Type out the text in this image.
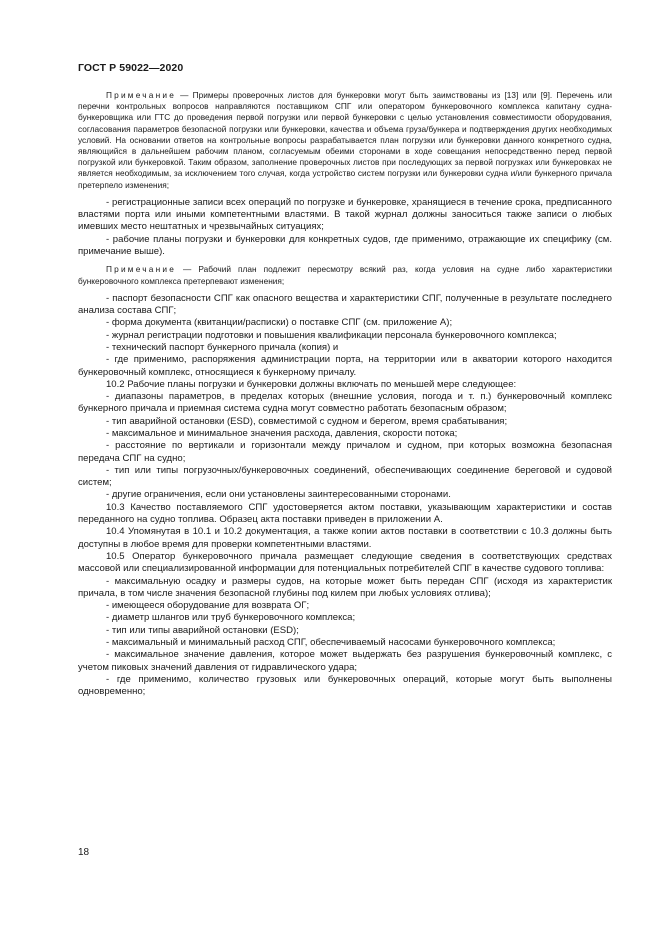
ГОСТ Р 59022—2020

Примечание — Примеры проверочных листов для бункеровки могут быть заимствованы из [13] или [9]. Перечень или перечни контрольных вопросов направляются поставщиком СПГ или оператором бункеровочного комплекса капитану судна-бункеровщика или ГТС до проведения первой погрузки или первой бункеровки с целью установления совместимости оборудования, согласования параметров безопасной погрузки или бункеровки, качества и объема груза/бункера и подтверждения других необходимых условий. На основании ответов на контрольные вопросы разрабатывается план погрузки или бункеровки данного конкретного судна, являющийся в дальнейшем рабочим планом, согласуемым обеими сторонами в ходе совещания непосредственно перед первой погрузкой или бункеровкой. Таким образом, заполнение проверочных листов при последующих за первой погрузках или бункеровках не является необходимым, за исключением того случая, когда устройство систем погрузки или бункеровки судна и/или бункерного причала претерпело изменения;

- регистрационные записи всех операций по погрузке и бункеровке, хранящиеся в течение срока, предписанного властями порта или иными компетентными властями. В такой журнал должны заноситься также записи о любых имевших место нештатных и чрезвычайных ситуациях;

- рабочие планы погрузки и бункеровки для конкретных судов, где применимо, отражающие их специфику (см. примечание выше).

Примечание — Рабочий план подлежит пересмотру всякий раз, когда условия на судне либо характеристики бункеровочного комплекса претерпевают изменения;

- паспорт безопасности СПГ как опасного вещества и характеристики СПГ, полученные в результате последнего анализа состава СПГ;

- форма документа (квитанции/расписки) о поставке СПГ (см. приложение А);

- журнал регистрации подготовки и повышения квалификации персонала бункеровочного комплекса;

- технический паспорт бункерного причала (копия) и

- где применимо, распоряжения администрации порта, на территории или в акватории которого находится бункеровочный комплекс, относящиеся к бункерному причалу.

10.2 Рабочие планы погрузки и бункеровки должны включать по меньшей мере следующее:

- диапазоны параметров, в пределах которых (внешние условия, погода и т. п.) бункеровочный комплекс бункерного причала и приемная система судна могут совместно работать безопасным образом;

- тип аварийной остановки (ESD), совместимой с судном и берегом, время срабатывания;

- максимальное и минимальное значения расхода, давления, скорости потока;

- расстояние по вертикали и горизонтали между причалом и судном, при которых возможна безопасная передача СПГ на судно;

- тип или типы погрузочных/бункеровочных соединений, обеспечивающих соединение береговой и судовой систем;

- другие ограничения, если они установлены заинтересованными сторонами.

10.3 Качество поставляемого СПГ удостоверяется актом поставки, указывающим характеристики и состав переданного на судно топлива. Образец акта поставки приведен в приложении А.

10.4 Упомянутая в 10.1 и 10.2 документация, а также копии актов поставки в соответствии с 10.3 должны быть доступны в любое время для проверки компетентными властями.

10.5 Оператор бункеровочного причала размещает следующие сведения в соответствующих средствах массовой или специализированной информации для потенциальных потребителей СПГ в качестве судового топлива:

- максимальную осадку и размеры судов, на которые может быть передан СПГ (исходя из характеристик причала, в том числе значения безопасной глубины под килем при любых условиях отлива);

- имеющееся оборудование для возврата ОГ;

- диаметр шлангов или труб бункеровочного комплекса;

- тип или типы аварийной остановки (ESD);

- максимальный и минимальный расход СПГ, обеспечиваемый насосами бункеровочного комплекса;

- максимальное значение давления, которое может выдержать без разрушения бункеровочный комплекс, с учетом пиковых значений давления от гидравлического удара;

- где применимо, количество грузовых или бункеровочных операций, которые могут быть выполнены одновременно;

18
